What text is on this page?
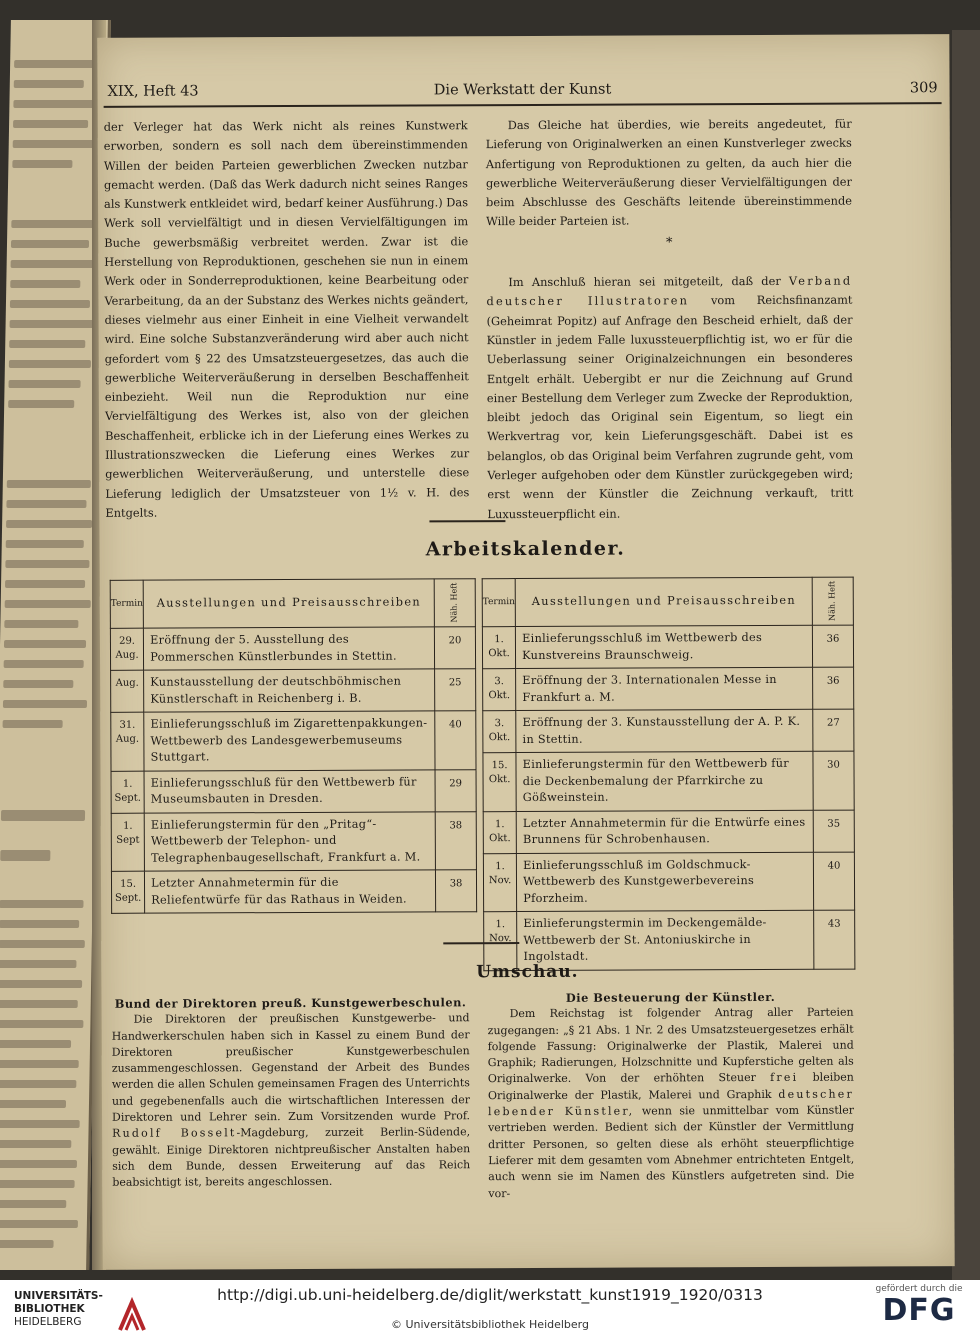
XIX, Heft 43	Die Werkstatt der Kunst	309

der Verleger hat das Werk nicht als reines Kunstwerk erworben, sondern es soll nach dem übereinstimmenden Willen der beiden Parteien gewerblichen Zwecken nutzbar gemacht werden. (Daß das Werk dadurch nicht seines Ranges als Kunstwerk entkleidet wird, bedarf keiner Ausführung.) Das Werk soll vervielfältigt und in diesen Vervielfältigungen im Buche gewerbsmäßig verbreitet werden. Zwar ist die Herstellung von Reproduktionen, geschehen sie nun in einem Werk oder in Sonderreproduktionen, keine Bearbeitung oder Verarbeitung, da an der Substanz des Werkes nichts geändert, dieses vielmehr aus einer Einheit in eine Vielheit verwandelt wird. Eine solche Substanzveränderung wird aber auch nicht gefordert vom § 22 des Umsatzsteuergesetzes, das auch die gewerbliche Weiterveräußerung in derselben Beschaffenheit einbezieht. Weil nun die Reproduktion nur eine Vervielfältigung des Werkes ist, also von der gleichen Beschaffenheit, erblicke ich in der Lieferung eines Werkes zu Illustrationszwecken die Lieferung eines Werkes zur gewerblichen Weiterveräußerung, und unterstelle diese Lieferung lediglich der Umsatzsteuer von 1½ v. H. des Entgelts.

Das Gleiche hat überdies, wie bereits angedeutet, für Lieferung von Originalwerken an einen Kunstverleger zwecks Anfertigung von Reproduktionen zu gelten, da auch hier die gewerbliche Weiterveräußerung dieser Vervielfältigungen der beim Abschlusse des Geschäfts leitende übereinstimmende Wille beider Parteien ist.

*

Im Anschluß hieran sei mitgeteilt, daß der Verband deutscher Illustratoren vom Reichsfinanzamt (Geheimrat Popitz) auf Anfrage den Bescheid erhielt, daß der Künstler in jedem Falle luxussteuerpflichtig ist, wo er für die Ueberlassung seiner Originalzeichnungen ein besonderes Entgelt erhält. Uebergibt er nur die Zeichnung auf Grund einer Bestellung dem Verleger zum Zwecke der Reproduktion, bleibt jedoch das Original sein Eigentum, so liegt ein Werkvertrag vor, kein Lieferungsgeschäft. Dabei ist es belanglos, ob das Original beim Verfahren zugrunde geht, vom Verleger aufgehoben oder dem Künstler zurückgegeben wird; erst wenn der Künstler die Zeichnung verkauft, tritt Luxussteuerpflicht ein.

Arbeitskalender.
Termin	Ausstellungen und Preisausschreiben	Näh. Heft
29. Aug.	Eröffnung der 5. Ausstellung des Pommerschen Künstlerbundes in Stettin.	20
Aug.	Kunstausstellung der deutschböhmischen Künstlerschaft in Reichenberg i. B.	25
31. Aug.	Einlieferungsschluß im Zigarettenpakkungen-Wettbewerb des Landesgewerbemuseums Stuttgart.	40
1. Sept.	Einlieferungsschluß für den Wettbewerb für Museumsbauten in Dresden.	29
1. Sept	Einlieferungstermin für den „Pritag“-Wettbewerb der Telephon- und Telegraphenbaugesellschaft, Frankfurt a. M.	38
15. Sept.	Letzter Annahmetermin für die Reliefentwürfe für das Rathaus in Weiden.	38
Termin	Ausstellungen und Preisausschreiben	Näh. Heft
1. Okt.	Einlieferungsschluß im Wettbewerb des Kunstvereins Braunschweig.	36
3. Okt.	Eröffnung der 3. Internationalen Messe in Frankfurt a. M.	36
3. Okt.	Eröffnung der 3. Kunstausstellung der A. P. K. in Stettin.	27
15. Okt.	Einlieferungstermin für den Wettbewerb für die Deckenbemalung der Pfarrkirche zu Gößweinstein.	30
1. Okt.	Letzter Annahmetermin für die Entwürfe eines Brunnens für Schrobenhausen.	35
1. Nov.	Einlieferungsschluß im Goldschmuck-Wettbewerb des Kunstgewerbevereins Pforzheim.	40
1. Nov.	Einlieferungstermin im Deckengemälde-Wettbewerb der St. Antoniuskirche in Ingolstadt.	43
Umschau.
Bund der Direktoren preuß. Kunstgewerbeschulen.

Die Direktoren der preußischen Kunstgewerbe- und Handwerkerschulen haben sich in Kassel zu einem Bund der Direktoren preußischer Kunstgewerbeschulen zusammengeschlossen. Gegenstand der Arbeit des Bundes werden die allen Schulen gemeinsamen Fragen des Unterrichts und gegebenenfalls auch die wirtschaftlichen Interessen der Direktoren und Lehrer sein. Zum Vorsitzenden wurde Prof. Rudolf Bosselt-Magdeburg, zurzeit Berlin-Südende, gewählt. Einige Direktoren nichtpreußischer Anstalten haben sich dem Bunde, dessen Erweiterung auf das Reich beabsichtigt ist, bereits angeschlossen.

Die Besteuerung der Künstler.

Dem Reichstag ist folgender Antrag aller Parteien zugegangen: „§ 21 Abs. 1 Nr. 2 des Umsatzsteuergesetzes erhält folgende Fassung: Originalwerke der Plastik, Malerei und Graphik; Radierungen, Holzschnitte und Kupferstiche gelten als Originalwerke. Von der erhöhten Steuer frei bleiben Originalwerke der Plastik, Malerei und Graphik deutscher lebender Künstler, wenn sie unmittelbar vom Künstler vertrieben werden. Bedient sich der Künstler der Vermittlung dritter Personen, so gelten diese als erhöht steuerpflichtige Lieferer mit dem gesamten vom Abnehmer entrichteten Entgelt, auch wenn sie im Namen des Künstlers aufgetreten sind. Die vor-

UNIVERSITÄTS-
BIBLIOTHEK
HEIDELBERG
http://digi.ub.uni-heidelberg.de/diglit/werkstatt_kunst1919_1920/0313
© Universitätsbibliothek Heidelberg
gefördert durch die
DFG
